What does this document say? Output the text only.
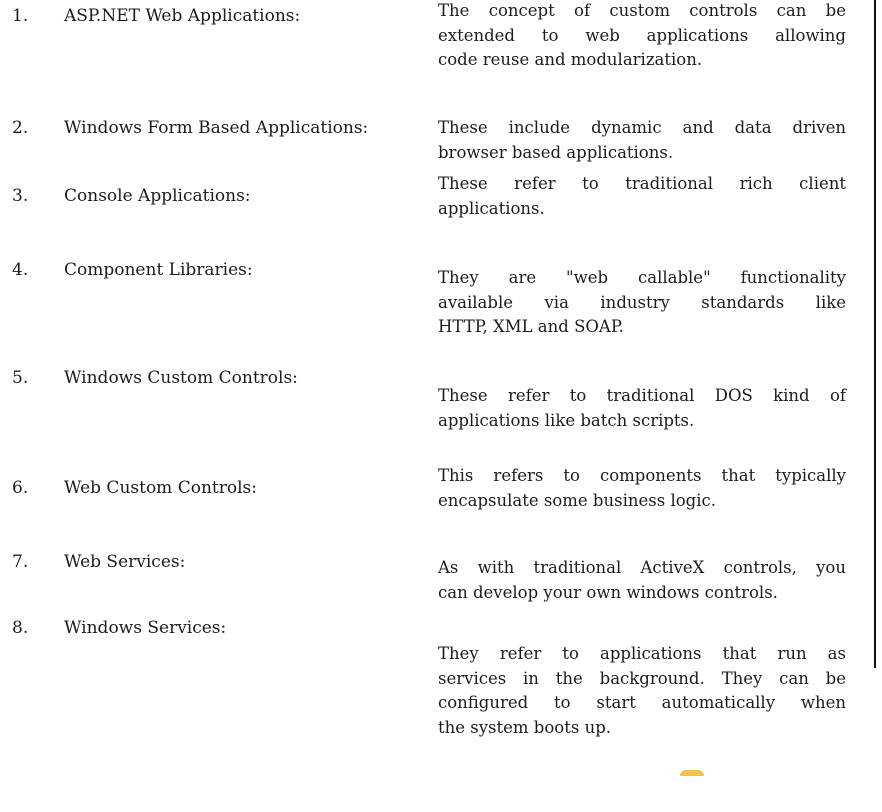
1.	ASP.NET Web Applications:	The concept of custom controls can be
extended to web applications allowing
code reuse and modularization.
2.	Windows Form Based Applications:	These include dynamic and data driven
browser based applications.
3.	Console Applications:
These refer to traditional rich client
applications.
4.	Component Libraries:	They are "web callable" functionality
available via industry standards like
HTTP, XML and SOAP.
5.	Windows Custom Controls:
These refer to traditional DOS kind of
applications like batch scripts.
6.	Web Custom Controls:
This refers to components that typically
encapsulate some business logic.
7.	Web Services:	As with traditional ActiveX controls, you
can develop your own windows controls.
8.	Windows Services:
They refer to applications that run as
services in the background. They can be
configured to start automatically when
the system boots up.
